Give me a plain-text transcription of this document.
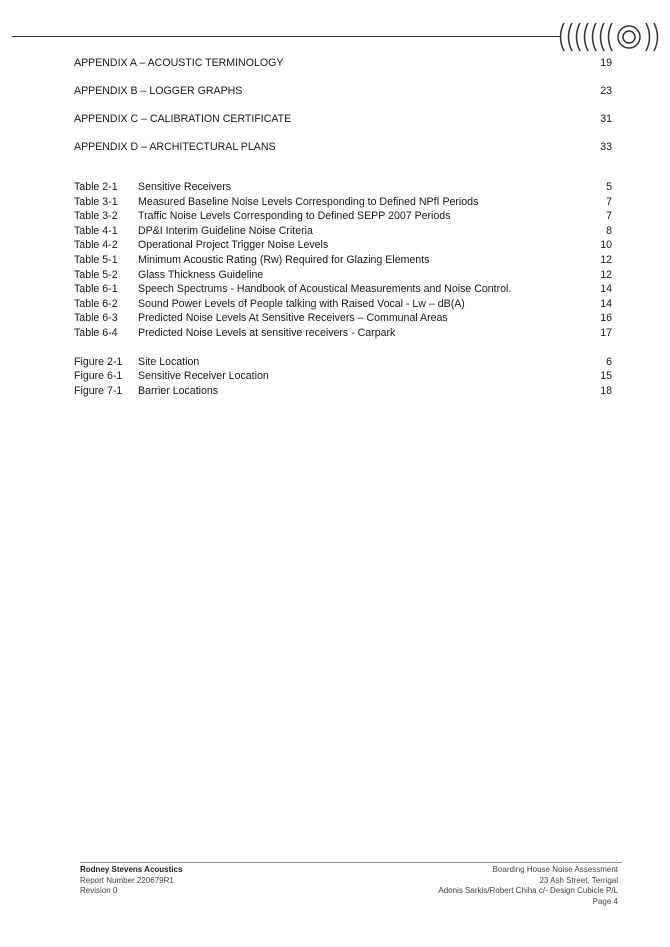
APPENDIX A – ACOUSTIC TERMINOLOGY	19
APPENDIX B – LOGGER GRAPHS	23
APPENDIX C – CALIBRATION CERTIFICATE	31
APPENDIX D – ARCHITECTURAL PLANS	33
Table 2-1 Sensitive Receivers	5
Table 3-1 Measured Baseline Noise Levels Corresponding to Defined NPfI Periods	7
Table 3-2 Traffic Noise Levels Corresponding to Defined SEPP 2007 Periods	7
Table 4-1 DP&I Interim Guideline Noise Criteria	8
Table 4-2 Operational Project Trigger Noise Levels	10
Table 5-1 Minimum Acoustic Rating (Rᴡ) Required for Glazing Elements	12
Table 5-2 Glass Thickness Guideline	12
Table 6-1 Speech Spectrums - Handbook of Acoustical Measurements and Noise Control.	14
Table 6-2 Sound Power Levels of People talking with Raised Vocal - Lw – dB(A)	14
Table 6-3 Predicted Noise Levels At Sensitive Receivers – Communal Areas	16
Table 6-4 Predicted Noise Levels at sensitive receivers - Carpark	17
Figure 2-1 Site Location	6
Figure 6-1 Sensitive Receiver Location	15
Figure 7-1 Barrier Locations	18
Rodney Stevens Acoustics
Report Number 220679R1
Revision 0
Boarding House Noise Assessment
23 Ash Street, Terrigal
Adonis Sarkis/Robert Chiha c/- Design Cubicle P/L
Page 4
